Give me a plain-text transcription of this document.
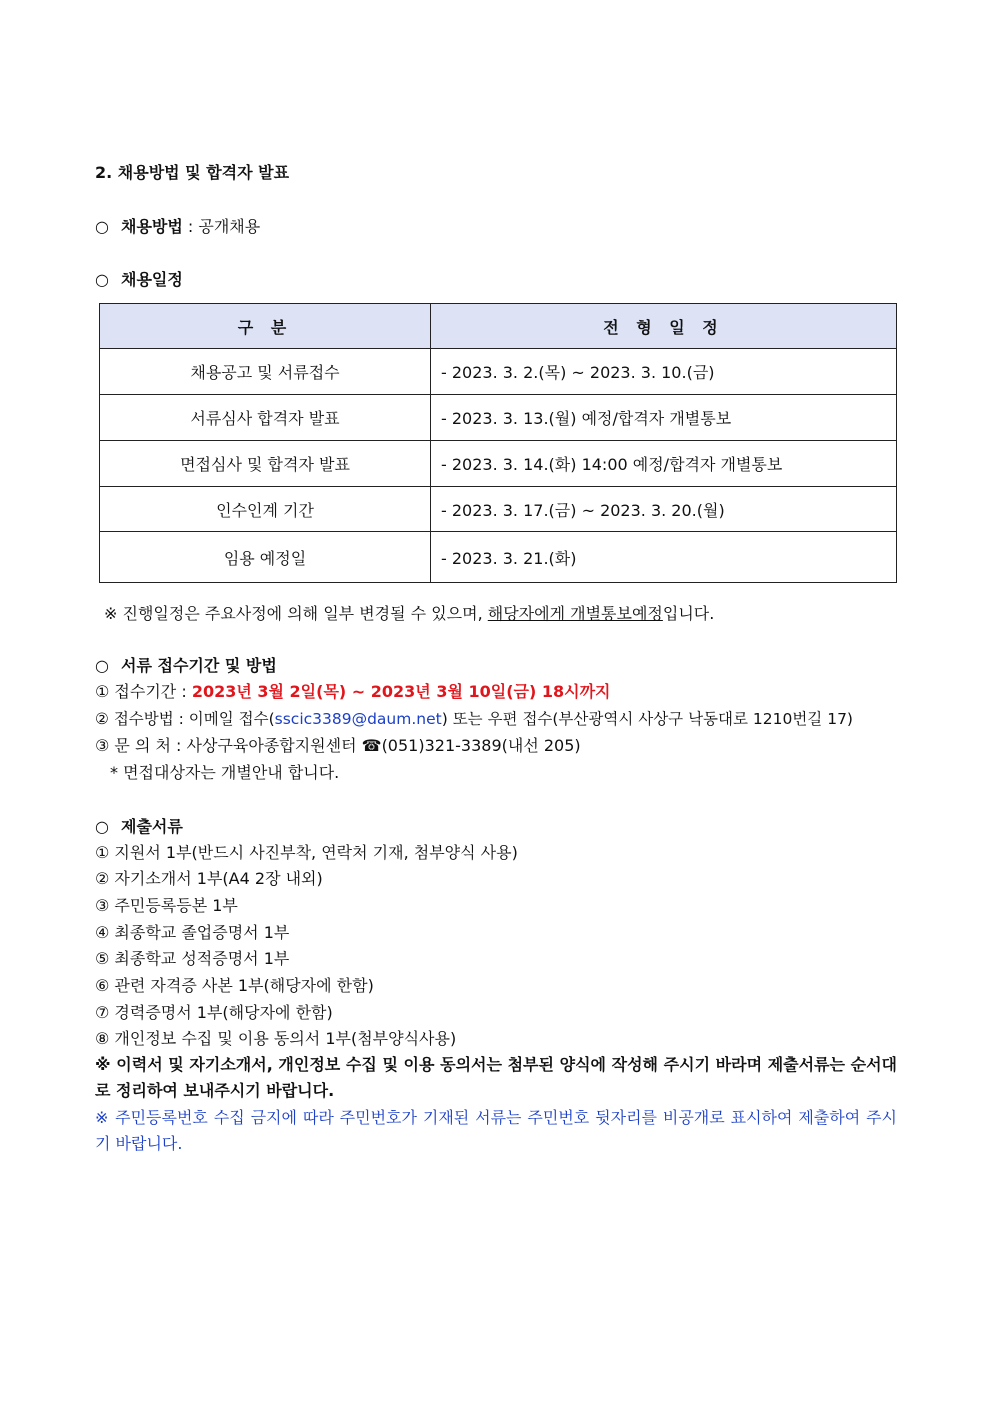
2. 채용방법 및 합격자 발표
○ 채용방법 : 공개채용
○ 채용일정
구 분	전 형 일 정
채용공고 및 서류접수	- 2023. 3. 2.(목) ~ 2023. 3. 10.(금)
서류심사 합격자 발표	- 2023. 3. 13.(월) 예정/합격자 개별통보
면접심사 및 합격자 발표	- 2023. 3. 14.(화) 14:00 예정/합격자 개별통보
인수인계 기간	- 2023. 3. 17.(금) ~ 2023. 3. 20.(월)
임용 예정일	- 2023. 3. 21.(화)
※ 진행일정은 주요사정에 의해 일부 변경될 수 있으며, 해당자에게 개별통보예정입니다.
○ 서류 접수기간 및 방법
① 접수기간 : 2023년 3월 2일(목) ~ 2023년 3월 10일(금) 18시까지
② 접수방법 : 이메일 접수(sscic3389@daum.net) 또는 우편 접수(부산광역시 사상구 낙동대로 1210번길 17)
③ 문 의 처 : 사상구육아종합지원센터 ☎(051)321-3389(내선 205)
* 면접대상자는 개별안내 합니다.
○ 제출서류
① 지원서 1부(반드시 사진부착, 연락처 기재, 첨부양식 사용)
② 자기소개서 1부(A4 2장 내외)
③ 주민등록등본 1부
④ 최종학교 졸업증명서 1부
⑤ 최종학교 성적증명서 1부
⑥ 관련 자격증 사본 1부(해당자에 한함)
⑦ 경력증명서 1부(해당자에 한함)
⑧ 개인정보 수집 및 이용 동의서 1부(첨부양식사용)
※ 이력서 및 자기소개서, 개인정보 수집 및 이용 동의서는 첨부된 양식에 작성해 주시기 바라며 제출서류는 순서대로 정리하여 보내주시기 바랍니다.
※ 주민등록번호 수집 금지에 따라 주민번호가 기재된 서류는 주민번호 뒷자리를 비공개로 표시하여 제출하여 주시기 바랍니다.
